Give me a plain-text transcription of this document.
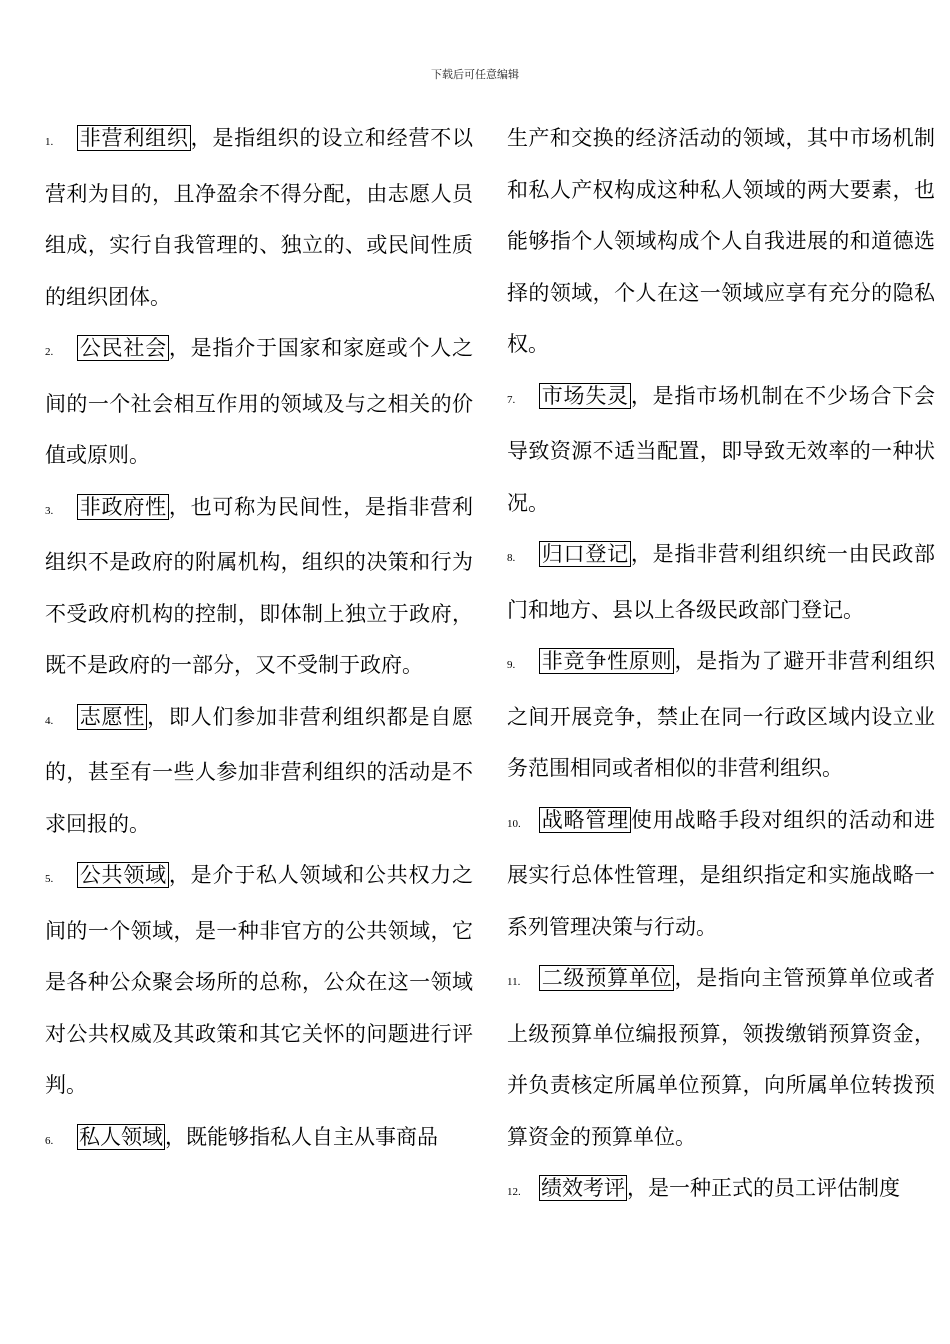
下载后可任意编辑

1. 非营利组织，是指组织的设立和经营不以营利为目的，且净盈余不得分配，由志愿人员组成，实行自我管理的、独立的、或民间性质的组织团体。

2. 公民社会，是指介于国家和家庭或个人之间的一个社会相互作用的领域及与之相关的价值或原则。

3. 非政府性，也可称为民间性，是指非营利组织不是政府的附属机构，组织的决策和行为不受政府机构的控制，即体制上独立于政府，既不是政府的一部分，又不受制于政府。

4. 志愿性，即人们参加非营利组织都是自愿的，甚至有一些人参加非营利组织的活动是不求回报的。

5. 公共领域，是介于私人领域和公共权力之间的一个领域，是一种非官方的公共领域，它是各种公众聚会场所的总称，公众在这一领域对公共权威及其政策和其它关怀的问题进行评判。

6. 私人领域，既能够指私人自主从事商品

生产和交换的经济活动的领域，其中市场机制和私人产权构成这种私人领域的两大要素，也能够指个人领域构成个人自我进展的和道德选择的领域，个人在这一领域应享有充分的隐私权。

7. 市场失灵，是指市场机制在不少场合下会导致资源不适当配置，即导致无效率的一种状况。

8. 归口登记，是指非营利组织统一由民政部门和地方、县以上各级民政部门登记。

9. 非竞争性原则，是指为了避开非营利组织之间开展竞争，禁止在同一行政区域内设立业务范围相同或者相似的非营利组织。

10. 战略管理使用战略手段对组织的活动和进展实行总体性管理，是组织指定和实施战略一系列管理决策与行动。

11. 二级预算单位，是指向主管预算单位或者上级预算单位编报预算，领拨缴销预算资金，并负责核定所属单位预算，向所属单位转拨预算资金的预算单位。

12. 绩效考评，是一种正式的员工评估制度
